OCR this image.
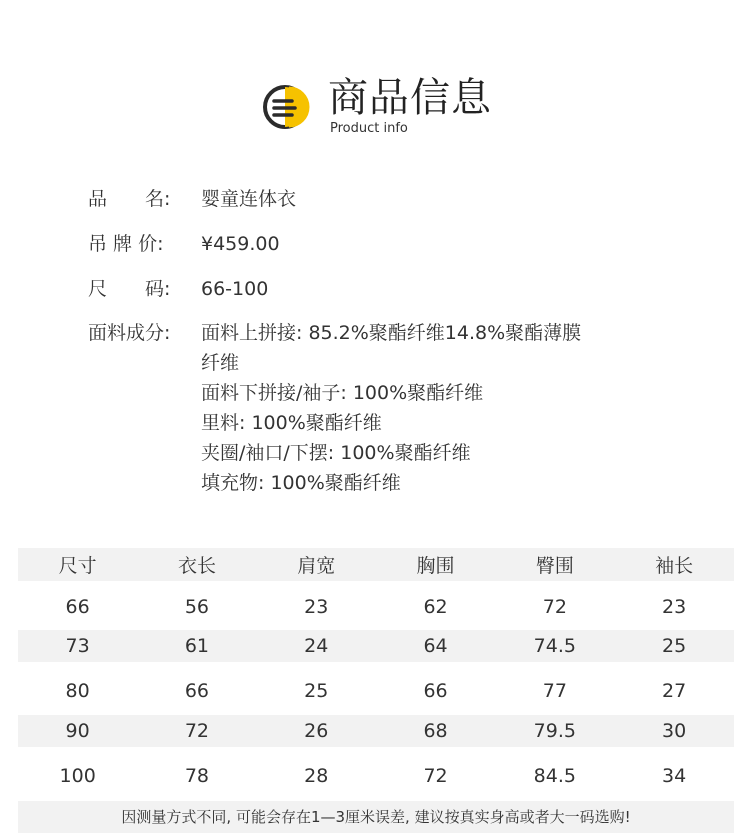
商品信息
Product info
品　　名:	婴童连体衣
吊 牌 价:	¥459.00
尺　　码:	66-100
面料成分:	面料上拼接: 85.2%聚酯纤维14.8%聚酯薄膜
纤维
面料下拼接/袖子: 100%聚酯纤维
里料: 100%聚酯纤维
夹圈/袖口/下摆: 100%聚酯纤维
填充物: 100%聚酯纤维
尺寸	衣长	肩宽	胸围	臀围	袖长
66	56	23	62	72	23
73	61	24	64	74.5	25
80	66	25	66	77	27
90	72	26	68	79.5	30
100	78	28	72	84.5	34
因测量方式不同, 可能会存在1—3厘米误差, 建议按真实身高或者大一码选购!
